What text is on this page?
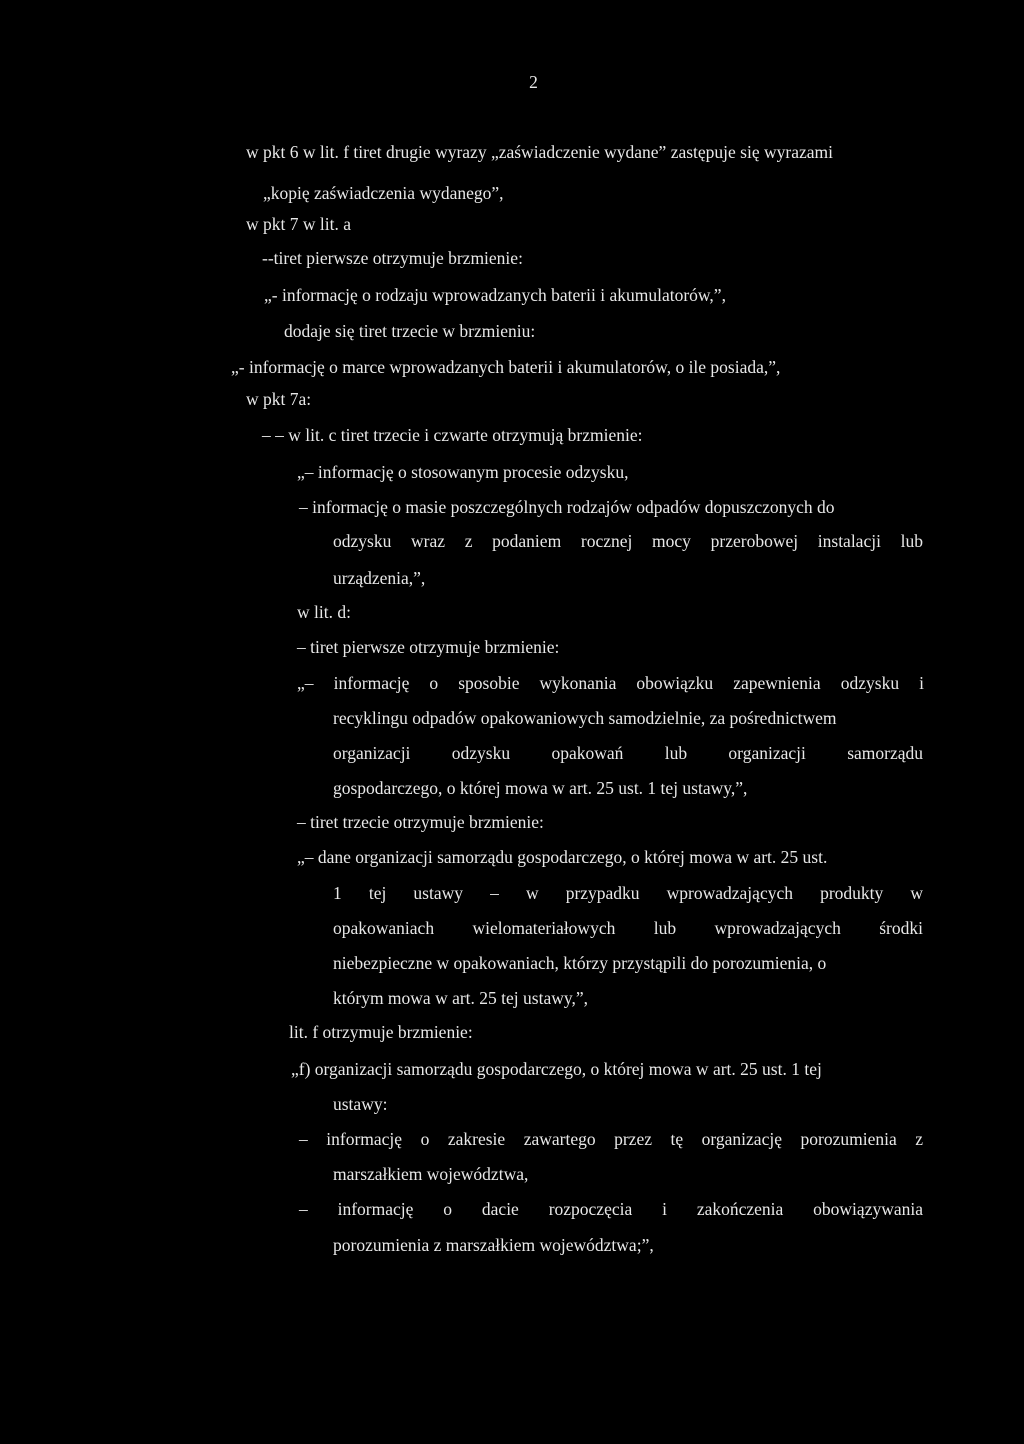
2
w pkt 6 w lit. f tiret drugie wyrazy „zaświadczenie wydane” zastępuje się wyrazami
„kopię zaświadczenia wydanego”,
w pkt 7 w lit. a
--tiret pierwsze otrzymuje brzmienie:
„- informację o rodzaju wprowadzanych baterii i akumulatorów,”,
dodaje się tiret trzecie w brzmieniu:
„- informację o marce wprowadzanych baterii i akumulatorów, o ile posiada,”,
w pkt 7a:
– – w lit. c tiret trzecie i czwarte otrzymują brzmienie:
„– informację o stosowanym procesie odzysku,
– informację o masie poszczególnych rodzajów odpadów dopuszczonych do
odzysku wraz z podaniem rocznej mocy przerobowej instalacji lub
urządzenia,”,
w lit. d:
– tiret pierwsze otrzymuje brzmienie:
„– informację o sposobie wykonania obowiązku zapewnienia odzysku i
recyklingu odpadów opakowaniowych samodzielnie, za pośrednictwem
organizacji odzysku opakowań lub organizacji samorządu
gospodarczego, o której mowa w art. 25 ust. 1 tej ustawy,”,
– tiret trzecie otrzymuje brzmienie:
„– dane organizacji samorządu gospodarczego, o której mowa w art. 25 ust.
1 tej ustawy – w przypadku wprowadzających produkty w
opakowaniach wielomateriałowych lub wprowadzających środki
niebezpieczne w opakowaniach, którzy przystąpili do porozumienia, o
którym mowa w art. 25 tej ustawy,”,
lit. f otrzymuje brzmienie:
„f) organizacji samorządu gospodarczego, o której mowa w art. 25 ust. 1 tej
ustawy:
– informację o zakresie zawartego przez tę organizację porozumienia z
marszałkiem województwa,
– informację o dacie rozpoczęcia i zakończenia obowiązywania
porozumienia z marszałkiem województwa;”,
